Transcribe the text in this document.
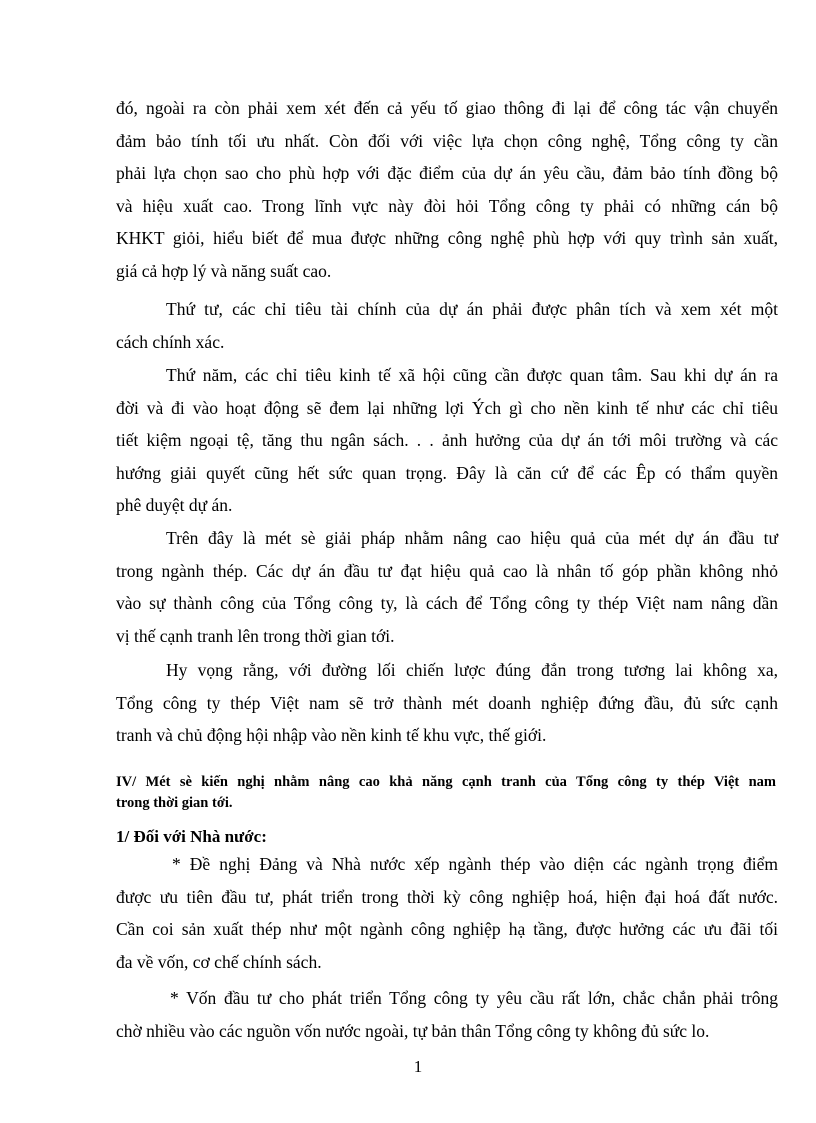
đó, ngoài ra còn phải xem xét đến cả yếu tố giao thông đi lại để công tác vận chuyển
đảm bảo tính tối ưu nhất. Còn đối với việc lựa chọn công nghệ, Tổng công ty cần
phải lựa chọn sao cho phù hợp với đặc điểm của dự án yêu cầu, đảm bảo tính đồng bộ
và hiệu xuất cao. Trong lĩnh vực này đòi hỏi Tổng công ty phải có những cán bộ
KHKT giỏi, hiểu biết để mua được những công nghệ phù hợp với quy trình sản xuất,
giá cả hợp lý và năng suất cao.
Thứ tư, các chỉ tiêu tài chính của dự án phải được phân tích và xem xét một
cách chính xác.
Thứ năm, các chỉ tiêu kinh tế xã hội cũng cần được quan tâm. Sau khi dự án ra
đời và đi vào hoạt động sẽ đem lại những lợi Ých gì cho nền kinh tế như các chỉ tiêu
tiết kiệm ngoại tệ, tăng thu ngân sách. . . ảnh hưởng của dự án tới môi trường và các
hướng giải quyết cũng hết sức quan trọng. Đây là căn cứ để các Êp có thẩm quyền
phê duyệt dự án.
Trên đây là mét sè giải pháp nhằm nâng cao hiệu quả của mét dự án đầu tư
trong ngành thép. Các dự án đầu tư đạt hiệu quả cao là nhân tố góp phần không nhỏ
vào sự thành công của Tổng công ty, là cách để Tổng công ty thép Việt nam nâng dần
vị thế cạnh tranh lên trong thời gian tới.
Hy vọng rằng, với đường lối chiến lược đúng đắn trong tương lai không xa,
Tổng công ty thép Việt nam sẽ trở thành mét doanh nghiệp đứng đầu, đủ sức cạnh
tranh và chủ động hội nhập vào nền kinh tế khu vực, thế giới.
IV/ Mét sè kiến nghị nhằm nâng cao khả năng cạnh tranh của Tổng công ty thép Việt nam
trong thời gian tới.
1/ Đối với Nhà nước:
* Đề nghị Đảng và Nhà nước xếp ngành thép vào diện các ngành trọng điểm
được ưu tiên đầu tư, phát triển trong thời kỳ công nghiệp hoá, hiện đại hoá đất nước.
Cần coi sản xuất thép như một ngành công nghiệp hạ tầng, được hưởng các ưu đãi tối
đa về vốn, cơ chế chính sách.
* Vốn đầu tư cho phát triển Tổng công ty yêu cầu rất lớn, chắc chắn phải trông
chờ nhiều vào các nguồn vốn nước ngoài, tự bản thân Tổng công ty không đủ sức lo.
1
